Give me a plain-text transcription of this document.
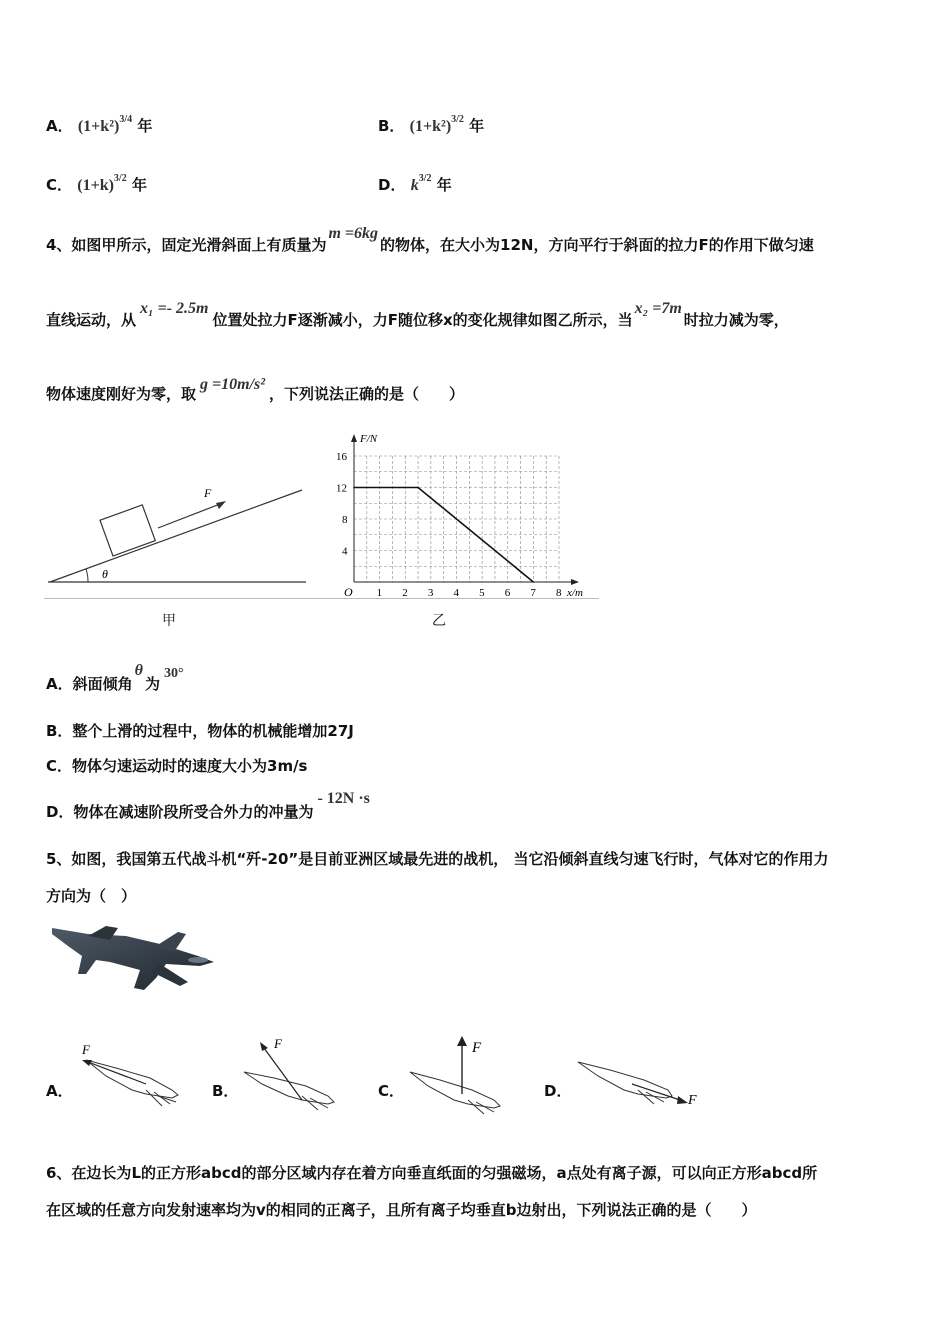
A． $(1+k^2)^{3/4}$ 年	B． $(1+k^2)^{3/2}$ 年
C． $(1+k)^{3/2}$ 年	D． $k^{3/2}$ 年
4、如图甲所示，固定光滑斜面上有质量为m =6kg的物体，在大小为12N，方向平行于斜面的拉力F的作用下做匀速
直线运动，从x₁ =- 2.5m位置处拉力F逐渐减小，力F随位移x的变化规律如图乙所示，当x₂ =7m时拉力减为零，
物体速度刚好为零，取g =10m/s²，下列说法正确的是（　　）
θ
F
甲
1 2 3 4 5 6 7 8
4
8
12
16
O	x/m
F/N
乙
A．斜面倾角θ为30°
B．整个上滑的过程中，物体的机械能增加27J
C．物体匀速运动时的速度大小为3m/s
D．物体在减速阶段所受合外力的冲量为- 12N ·s
5、如图，我国第五代战斗机“歼-20”是目前亚洲区域最先进的战机， 当它沿倾斜直线匀速飞行时，气体对它的作用力
方向为（　）
A．
F
B．
F
C．
F
D．
F
6、在边长为L的正方形abcd的部分区域内存在着方向垂直纸面的匀强磁场，a点处有离子源，可以向正方形abcd所
在区域的任意方向发射速率均为v的相同的正离子，且所有离子均垂直b边射出，下列说法正确的是（　　）
